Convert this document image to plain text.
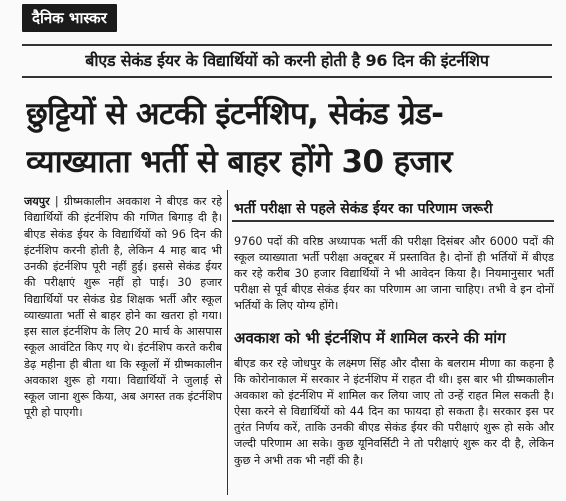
दैनिक भास्कर
बीएड सेकंड ईयर के विद्यार्थियों को करनी होती है 96 दिन की इंटर्नशिप
छुट्टियों से अटकी इंटर्नशिप, सेकंड ग्रेड-
व्याख्याता भर्ती से बाहर होंगे 30 हजार
जयपुर | ग्रीष्मकालीन अवकाश ने बीएड कर रहे विद्यार्थियों की इंटर्नशिप की गणित बिगाड़ दी है। बीएड सेकंड ईयर के विद्यार्थियों को 96 दिन की इंटर्नशिप करनी होती है, लेकिन 4 माह बाद भी उनकी इंटर्नशिप पूरी नहीं हुई। इससे सेकंड ईयर की परीक्षाएं शुरू नहीं हो पाई। 30 हजार विद्यार्थियों पर सेकंड ग्रेड शिक्षक भर्ती और स्कूल व्याख्याता भर्ती से बाहर होने का खतरा हो गया। इस साल इंटर्नशिप के लिए 20 मार्च के आसपास स्कूल आवंटित किए गए थे। इंटर्नशिप करते करीब डेढ़ महीना ही बीता था कि स्कूलों में ग्रीष्मकालीन अवकाश शुरू हो गया। विद्यार्थियों ने जुलाई से स्कूल जाना शुरू किया, अब अगस्त तक इंटर्नशिप पूरी हो पाएगी।
भर्ती परीक्षा से पहले सेकंड ईयर का परिणाम जरूरी
9760 पदों की वरिष्ठ अध्यापक भर्ती की परीक्षा दिसंबर और 6000 पदों की स्कूल व्याख्याता भर्ती परीक्षा अक्टूबर में प्रस्तावित है। दोनों ही भर्तियों में बीएड कर रहे करीब 30 हजार विद्यार्थियों ने भी आवेदन किया है। नियमानुसार भर्ती परीक्षा से पूर्व बीएड सेकंड ईयर का परिणाम आ जाना चाहिए। तभी वे इन दोनों भर्तियों के लिए योग्य होंगे।
अवकाश को भी इंटर्नशिप में शामिल करने की मांग
बीएड कर रहे जोधपुर के लक्ष्मण सिंह और दौसा के बलराम मीणा का कहना है कि कोरोनाकाल में सरकार ने इंटर्नशिप में राहत दी थी। इस बार भी ग्रीष्मकालीन अवकाश को इंटर्नशिप में शामिल कर लिया जाए तो उन्हें राहत मिल सकती है। ऐसा करने से विद्यार्थियों को 44 दिन का फायदा हो सकता है। सरकार इस पर तुरंत निर्णय करें, ताकि उनकी बीएड सेकंड ईयर की परीक्षाएं शुरू हो सके और जल्दी परिणाम आ सके। कुछ यूनिवर्सिटी ने तो परीक्षाएं शुरू कर दी है, लेकिन कुछ ने अभी तक भी नहीं की है।
